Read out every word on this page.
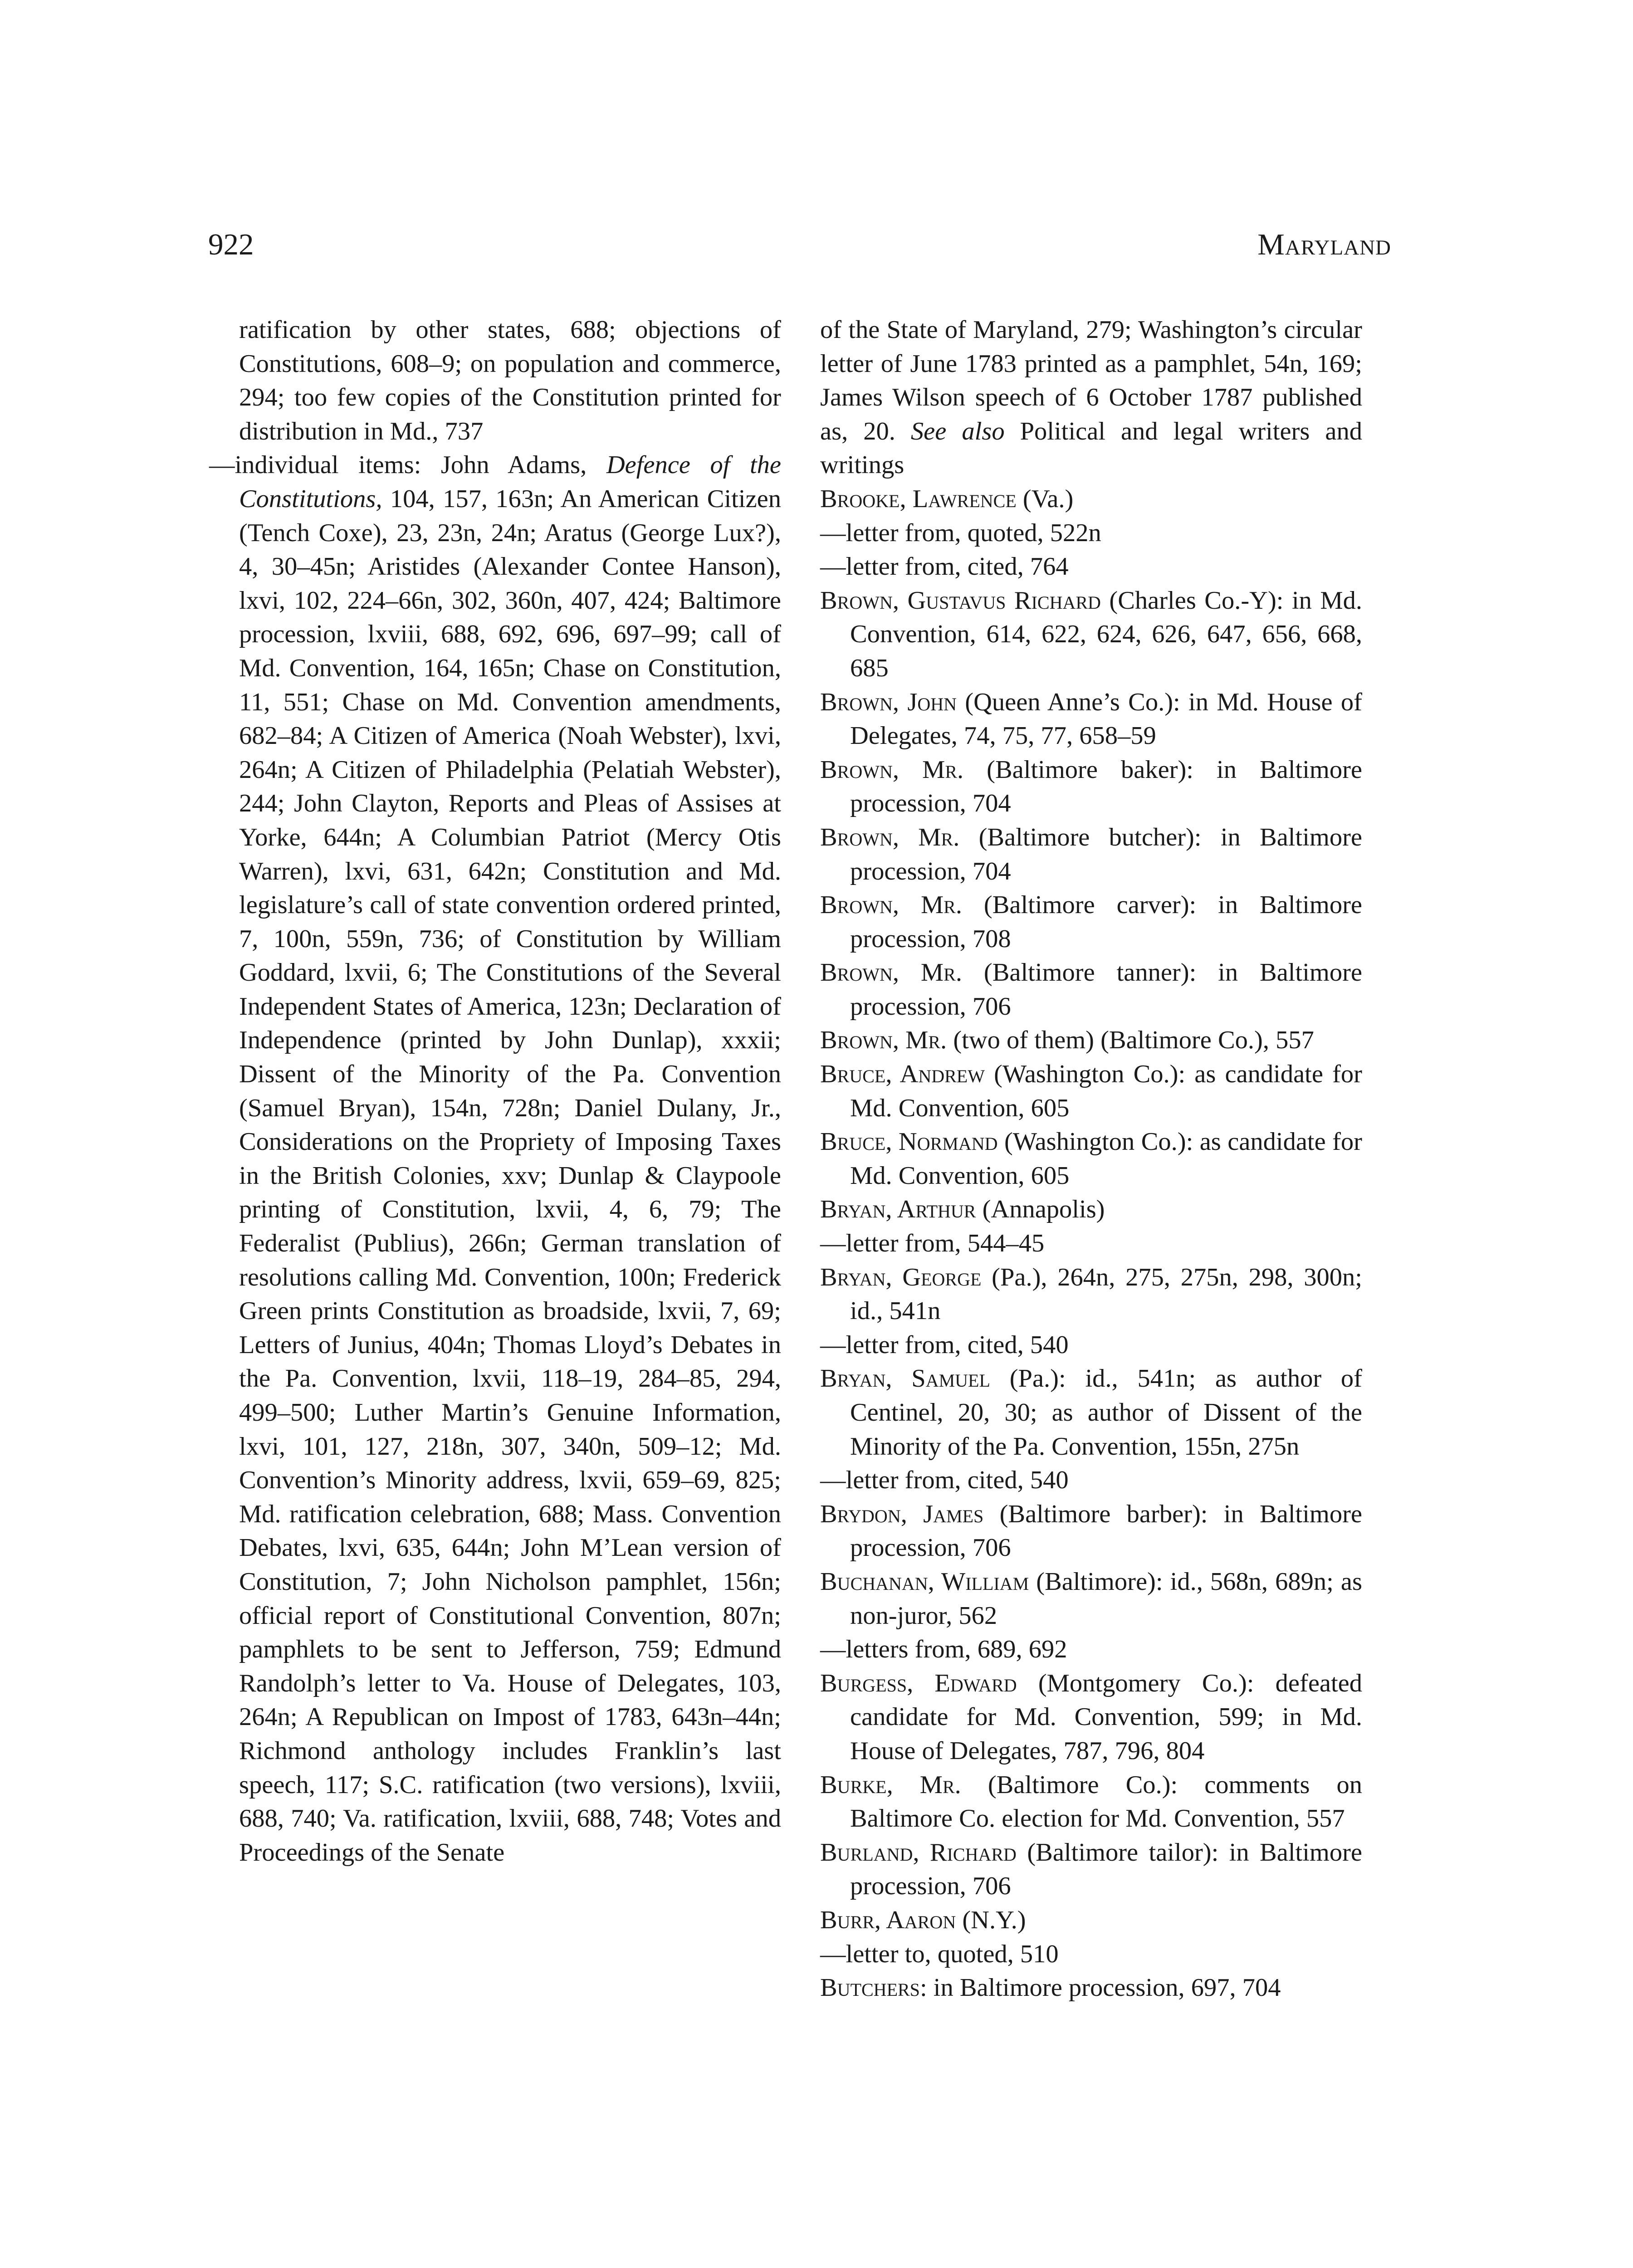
922	Maryland

ratification by other states, 688; objections of Constitutions, 608–9; on population and commerce, 294; too few copies of the Constitution printed for distribution in Md., 737

—individual items: John Adams, Defence of the Constitutions, 104, 157, 163n; An American Citizen (Tench Coxe), 23, 23n, 24n; Aratus (George Lux?), 4, 30–45n; Aristides (Alexander Contee Hanson), lxvi, 102, 224–66n, 302, 360n, 407, 424; Baltimore procession, lxviii, 688, 692, 696, 697–99; call of Md. Convention, 164, 165n; Chase on Constitution, 11, 551; Chase on Md. Convention amendments, 682–84; A Citizen of America (Noah Webster), lxvi, 264n; A Citizen of Philadelphia (Pelatiah Webster), 244; John Clayton, Reports and Pleas of Assises at Yorke, 644n; A Columbian Patriot (Mercy Otis Warren), lxvi, 631, 642n; Constitution and Md. legislature’s call of state convention ordered printed, 7, 100n, 559n, 736; of Constitution by William Goddard, lxvii, 6; The Constitutions of the Several Independent States of America, 123n; Declaration of Independence (printed by John Dunlap), xxxii; Dissent of the Minority of the Pa. Convention (Samuel Bryan), 154n, 728n; Daniel Dulany, Jr., Considerations on the Propriety of Imposing Taxes in the British Colonies, xxv; Dunlap & Claypoole printing of Constitution, lxvii, 4, 6, 79; The Federalist (Publius), 266n; German translation of resolutions calling Md. Convention, 100n; Frederick Green prints Constitution as broadside, lxvii, 7, 69; Letters of Junius, 404n; Thomas Lloyd’s Debates in the Pa. Convention, lxvii, 118–19, 284–85, 294, 499–500; Luther Martin’s Genuine Information, lxvi, 101, 127, 218n, 307, 340n, 509–12; Md. Convention’s Minority address, lxvii, 659–69, 825; Md. ratification celebration, 688; Mass. Convention Debates, lxvi, 635, 644n; John M’Lean version of Constitution, 7; John Nicholson pamphlet, 156n; official report of Constitutional Convention, 807n; pamphlets to be sent to Jefferson, 759; Edmund Randolph’s letter to Va. House of Delegates, 103, 264n; A Republican on Impost of 1783, 643n–44n; Richmond anthology includes Franklin’s last speech, 117; S.C. ratification (two versions), lxviii, 688, 740; Va. ratification, lxviii, 688, 748; Votes and Proceedings of the Senate

of the State of Maryland, 279; Washington’s circular letter of June 1783 printed as a pamphlet, 54n, 169; James Wilson speech of 6 October 1787 published as, 20. See also Political and legal writers and writings

Brooke, Lawrence (Va.)

—letter from, quoted, 522n

—letter from, cited, 764

Brown, Gustavus Richard (Charles Co.-Y): in Md. Convention, 614, 622, 624, 626, 647, 656, 668, 685

Brown, John (Queen Anne’s Co.): in Md. House of Delegates, 74, 75, 77, 658–59

Brown, Mr. (Baltimore baker): in Baltimore procession, 704

Brown, Mr. (Baltimore butcher): in Baltimore procession, 704

Brown, Mr. (Baltimore carver): in Baltimore procession, 708

Brown, Mr. (Baltimore tanner): in Baltimore procession, 706

Brown, Mr. (two of them) (Baltimore Co.), 557

Bruce, Andrew (Washington Co.): as candidate for Md. Convention, 605

Bruce, Normand (Washington Co.): as candidate for Md. Convention, 605

Bryan, Arthur (Annapolis)

—letter from, 544–45

Bryan, George (Pa.), 264n, 275, 275n, 298, 300n; id., 541n

—letter from, cited, 540

Bryan, Samuel (Pa.): id., 541n; as author of Centinel, 20, 30; as author of Dissent of the Minority of the Pa. Convention, 155n, 275n

—letter from, cited, 540

Brydon, James (Baltimore barber): in Baltimore procession, 706

Buchanan, William (Baltimore): id., 568n, 689n; as non-juror, 562

—letters from, 689, 692

Burgess, Edward (Montgomery Co.): defeated candidate for Md. Convention, 599; in Md. House of Delegates, 787, 796, 804

Burke, Mr. (Baltimore Co.): comments on Baltimore Co. election for Md. Convention, 557

Burland, Richard (Baltimore tailor): in Baltimore procession, 706

Burr, Aaron (N.Y.)

—letter to, quoted, 510

Butchers: in Baltimore procession, 697, 704
